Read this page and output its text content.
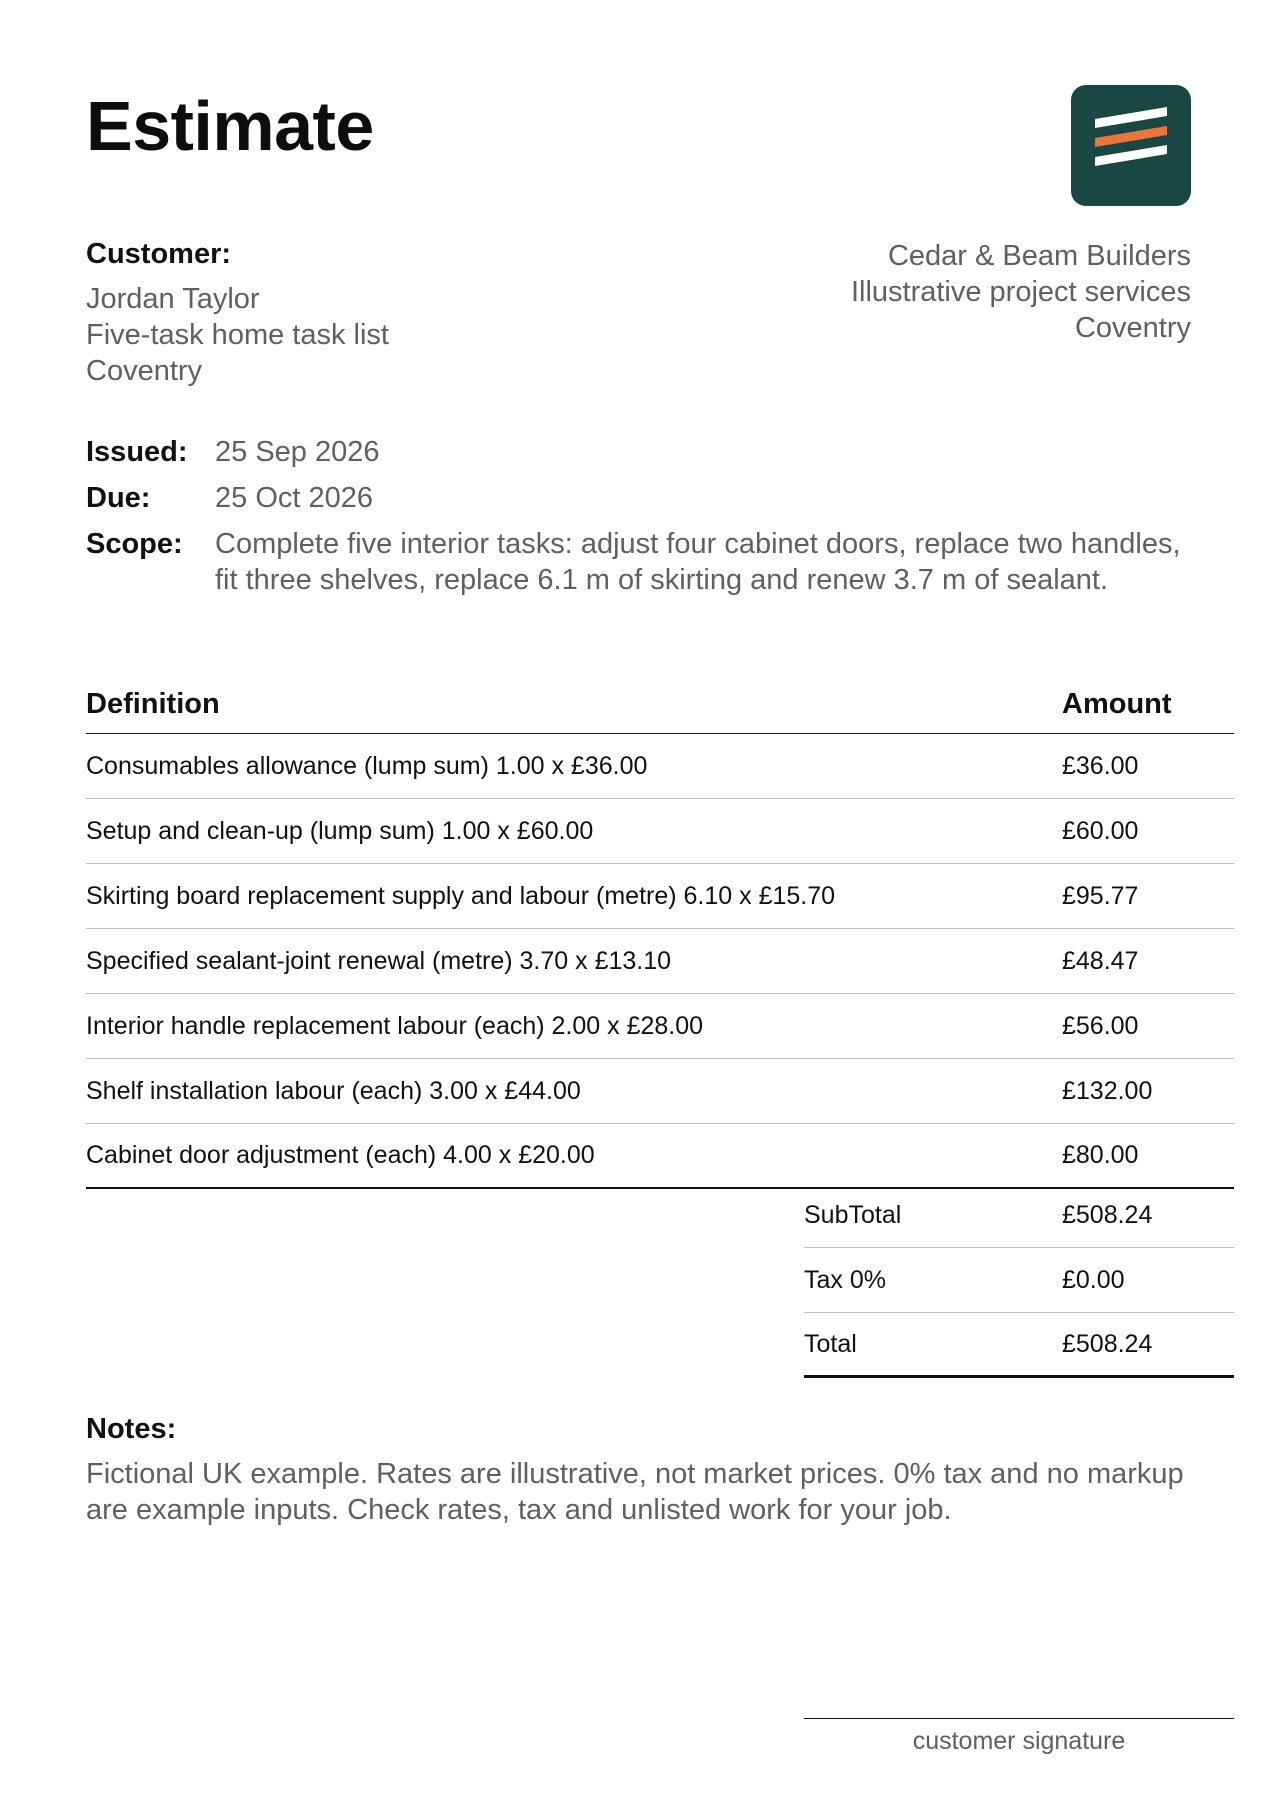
Estimate
Customer:
Jordan Taylor
Five-task home task list
Coventry
Cedar & Beam Builders
Illustrative project services
Coventry
Issued: 25 Sep 2026
Due:	25 Oct 2026
Scope:	Complete five interior tasks: adjust four cabinet doors, replace two handles, fit three shelves, replace 6.1 m of skirting and renew 3.7 m of sealant.
Definition	Amount
Consumables allowance (lump sum) 1.00 x £36.00	£36.00
Setup and clean-up (lump sum) 1.00 x £60.00	£60.00
Skirting board replacement supply and labour (metre) 6.10 x £15.70	£95.77
Specified sealant-joint renewal (metre) 3.70 x £13.10	£48.47
Interior handle replacement labour (each) 2.00 x £28.00	£56.00
Shelf installation labour (each) 3.00 x £44.00	£132.00
Cabinet door adjustment (each) 4.00 x £20.00	£80.00
SubTotal	£508.24
Tax 0%	£0.00
Total	£508.24
Notes:
Fictional UK example. Rates are illustrative, not market prices. 0% tax and no markup are example inputs. Check rates, tax and unlisted work for your job.
customer signature
